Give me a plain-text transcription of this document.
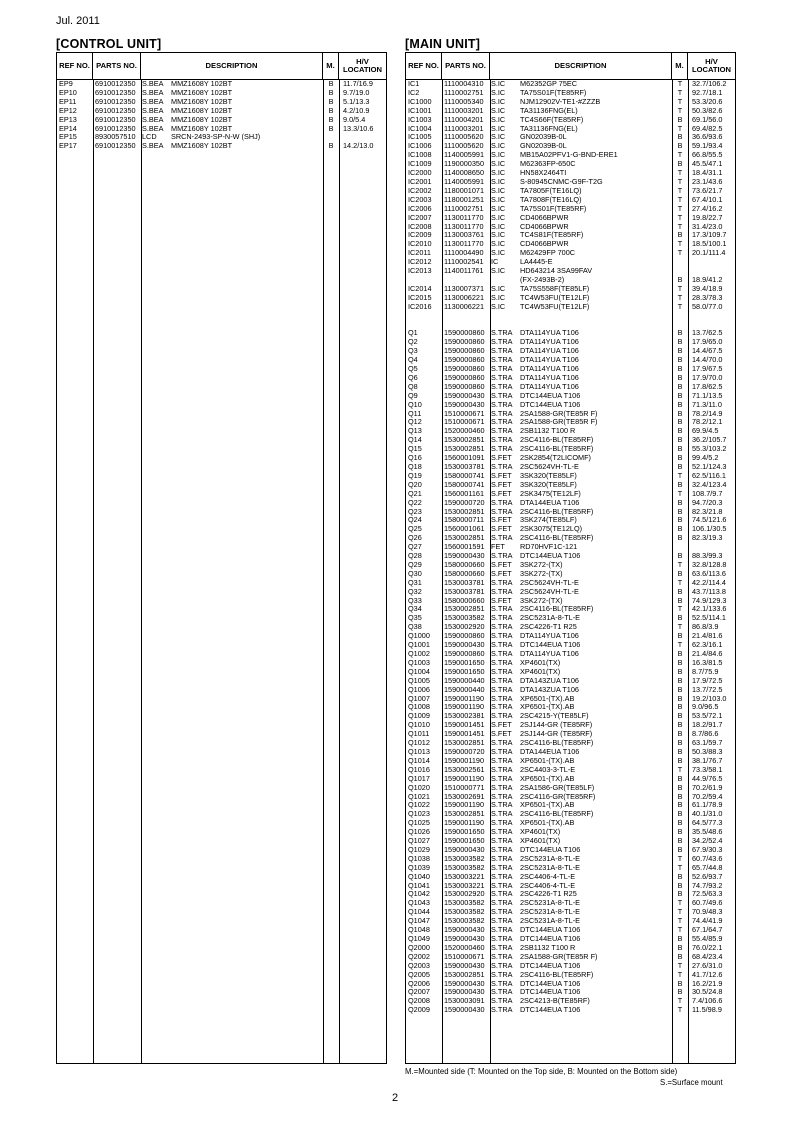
Jul. 2011
[CONTROL UNIT]	[MAIN UNIT]
REF NO. PARTS NO.	DESCRIPTION	M.	H/V LOCATION
EP9	6910012350 S.BEA	MMZ1608Y 102BT	B	11.7/16.9
EP10	6910012350 S.BEA	MMZ1608Y 102BT	B	9.7/19.0
EP11	6910012350 S.BEA	MMZ1608Y 102BT	B	5.1/13.3
EP12	6910012350 S.BEA	MMZ1608Y 102BT	B	4.2/10.9
EP13	6910012350 S.BEA	MMZ1608Y 102BT	B	9.0/5.4
EP14	6910012350 S.BEA	MMZ1608Y 102BT	B	13.3/10.6
EP15	8930057510 LCD	SRCN-2493-SP-N-W (SHJ)
EP17	6910012350 S.BEA	MMZ1608Y 102BT	B	14.2/13.0
REF NO. PARTS NO.	DESCRIPTION	M.	H/V LOCATION
IC1	1110004310	S.IC	M62352GP 75EC	T	32.7/106.2
IC2	1110002751	S.IC	TA75S01F(TE85RF)	T	92.7/18.1
IC1000	1110005340	S.IC	NJM12902V-TE1-#ZZZB	T	53.3/20.6
IC1001	1110003201	S.IC	TA31136FNG(EL)	T	50.3/82.6
IC1003	1110004201	S.IC	TC4S66F(TE85RF)	B	69.1/56.0
IC1004	1110003201	S.IC	TA31136FNG(EL)	T	69.4/82.5
IC1005	1110005620	S.IC	GN02039B-0L	B	36.6/93.6
IC1006	1110005620	S.IC	GN02039B-0L	B	59.1/93.4
IC1008	1140005991 S.IC	MB15A02PFV1-G-BND-ERE1	T	66.8/55.5
IC1009	1190000350 S.IC	M62363FP-650C	B	45.5/47.1
IC2000	1140008650 S.IC	HN58X2464TI	T	18.4/31.1
IC2001	1140005991 S.IC	S-80945CNMC-G9F-T2G	T	23.1/43.6
IC2002	1180001071 S.IC	TA7805F(TE16LQ)	T	73.6/21.7
IC2003	1180001251 S.IC	TA7808F(TE16LQ)	T	67.4/10.1
IC2006	1110002751	S.IC	TA75S01F(TE85RF)	T	27.4/16.2
IC2007	1130011770	S.IC	CD4066BPWR	T	19.8/22.7
IC2008	1130011770	S.IC	CD4066BPWR	T	31.4/23.0
IC2009	1130003761 S.IC	TC4S81F(TE85RF)	B	17.3/109.7
IC2010	1130011770	S.IC	CD4066BPWR	T	18.5/100.1
IC2011	1110004490	S.IC	M62429FP 700C	T	20.1/111.4
IC2012	1110002541	IC	LA4445-E
IC2013	1140011761	S.IC	HD643214 3SA99FAV
(FX-2493B-2)	B	18.9/41.2
IC2014	1130007371 S.IC	TA75S558F(TE85LF)	T	39.4/18.9
IC2015	1130006221 S.IC	TC4W53FU(TE12LF)	T	28.3/78.3
IC2016	1130006221 S.IC	TC4W53FU(TE12LF)	T	58.0/77.0
Q1	1590000860 S.TRA	DTA114YUA T106	B	13.7/62.5
Q2	1590000860 S.TRA	DTA114YUA T106	B	17.9/65.0
Q3	1590000860 S.TRA	DTA114YUA T106	B	14.4/67.5
Q4	1590000860 S.TRA	DTA114YUA T106	B	14.4/70.0
Q5	1590000860 S.TRA	DTA114YUA T106	B	17.9/67.5
Q6	1590000860 S.TRA	DTA114YUA T106	B	17.9/70.0
Q8	1590000860 S.TRA	DTA114YUA T106	B	17.8/62.5
Q9	1590000430 S.TRA	DTC144EUA T106	B	71.1/13.5
Q10	1590000430 S.TRA	DTC144EUA T106	B	71.3/11.0
Q11	1510000671 S.TRA	2SA1588-GR(TE85R F)	B	78.2/14.9
Q12	1510000671 S.TRA	2SA1588-GR(TE85R F)	B	78.2/12.1
Q13	1520000460 S.TRA	2SB1132 T100 R	B	69.9/4.5
Q14	1530002851 S.TRA	2SC4116-BL(TE85RF)	B	36.2/105.7
Q15	1530002851 S.TRA	2SC4116-BL(TE85RF)	B	55.3/103.2
Q16	1560001091 S.FET	2SK2854(T2LICOMF)	B	99.4/5.2
Q18	1530003781 S.TRA	2SC5624VH-TL-E	B	52.1/124.3
Q19	1580000741 S.FET	3SK320(TE85LF)	T	62.5/116.1
Q20	1580000741 S.FET	3SK320(TE85LF)	B	32.4/123.4
Q21	1560001161 S.FET	2SK3475(TE12LF)	T	108.7/9.7
Q22	1590000720 S.TRA	DTA144EUA T106	B	94.7/20.3
Q23	1530002851 S.TRA	2SC4116-BL(TE85RF)	B	82.3/21.8
Q24	1580000711 S.FET	3SK274(TE85LF)	B	74.5/121.6
Q25	1560001061 S.FET	2SK3075(TE12LQ)	B	106.1/30.5
Q26	1530002851 S.TRA	2SC4116-BL(TE85RF)	B	82.3/19.3
Q27	1560001591 FET	RD70HVF1C-121
Q28	1590000430 S.TRA	DTC144EUA T106	B	88.3/99.3
Q29	1580000660 S.FET	3SK272-(TX)	T	32.8/128.8
Q30	1580000660 S.FET	3SK272-(TX)	B	63.6/113.6
Q31	1530003781 S.TRA	2SC5624VH-TL-E	T	42.2/114.4
Q32	1530003781 S.TRA	2SC5624VH-TL-E	B	43.7/113.8
Q33	1580000660 S.FET	3SK272-(TX)	B	74.9/129.3
Q34	1530002851 S.TRA	2SC4116-BL(TE85RF)	T	42.1/133.6
Q35	1530003582 S.TRA	2SC5231A-8-TL-E	B	52.5/114.1
Q38	1530002920 S.TRA	2SC4226-T1 R25	T	86.8/3.9
Q1000	1590000860 S.TRA	DTA114YUA T106	B	21.4/81.6
Q1001	1590000430 S.TRA	DTC144EUA T106	T	62.3/16.1
Q1002	1590000860 S.TRA	DTA114YUA T106	B	21.4/84.6
Q1003	1590001650 S.TRA	XP4601(TX)	B	16.3/81.5
Q1004	1590001650 S.TRA	XP4601(TX)	B	8.7/75.9
Q1005	1590000440 S.TRA	DTA143ZUA T106	B	17.9/72.5
Q1006	1590000440 S.TRA	DTA143ZUA T106	B	13.7/72.5
Q1007	1590001190 S.TRA	XP6501-(TX).AB	B	19.2/103.0
Q1008	1590001190 S.TRA	XP6501-(TX).AB	B	9.0/96.5
Q1009	1530002381 S.TRA	2SC4215-Y(TE85LF)	B	53.5/72.1
Q1010	1590001451 S.FET	2SJ144-GR (TE85RF)	B	18.2/91.7
Q1011	1590001451 S.FET	2SJ144-GR (TE85RF)	B	8.7/86.6
Q1012	1530002851 S.TRA	2SC4116-BL(TE85RF)	B	63.1/59.7
Q1013	1590000720 S.TRA	DTA144EUA T106	B	50.3/88.3
Q1014	1590001190 S.TRA	XP6501-(TX).AB	B	38.1/76.7
Q1016	1530002561 S.TRA	2SC4403-3-TL-E	T	73.3/58.1
Q1017	1590001190 S.TRA	XP6501-(TX).AB	B	44.9/76.5
Q1020	1510000771 S.TRA	2SA1586-GR(TE85LF)	B	70.2/61.9
Q1021	1530002691 S.TRA	2SC4116-GR(TE85RF)	B	70.2/59.4
Q1022	1590001190 S.TRA	XP6501-(TX).AB	B	61.1/78.9
Q1023	1530002851 S.TRA	2SC4116-BL(TE85RF)	B	40.1/31.0
Q1025	1590001190 S.TRA	XP6501-(TX).AB	B	64.5/77.3
Q1026	1590001650 S.TRA	XP4601(TX)	B	35.5/48.6
Q1027	1590001650 S.TRA	XP4601(TX)	B	34.2/52.4
Q1029	1590000430 S.TRA	DTC144EUA T106	B	67.9/30.3
Q1038	1530003582 S.TRA	2SC5231A-8-TL-E	T	60.7/43.6
Q1039	1530003582 S.TRA	2SC5231A-8-TL-E	T	65.7/44.8
Q1040	1530003221 S.TRA	2SC4406-4-TL-E	B	52.6/93.7
Q1041	1530003221 S.TRA	2SC4406-4-TL-E	B	74.7/93.2
Q1042	1530002920 S.TRA	2SC4226-T1 R25	B	72.5/63.3
Q1043	1530003582 S.TRA	2SC5231A-8-TL-E	T	60.7/49.6
Q1044	1530003582 S.TRA	2SC5231A-8-TL-E	T	70.9/48.3
Q1047	1530003582 S.TRA	2SC5231A-8-TL-E	T	74.4/41.9
Q1048	1590000430 S.TRA	DTC144EUA T106	T	67.1/64.7
Q1049	1590000430 S.TRA	DTC144EUA T106	B	55.4/85.9
Q2000	1520000460 S.TRA	2SB1132 T100 R	B	76.0/22.1
Q2002	1510000671 S.TRA	2SA1588-GR(TE85R F)	B	68.4/23.4
Q2003	1590000430 S.TRA	DTC144EUA T106	T	27.6/31.0
Q2005	1530002851 S.TRA	2SC4116-BL(TE85RF)	T	41.7/12.6
Q2006	1590000430 S.TRA	DTC144EUA T106	B	16.2/21.9
Q2007	1590000430 S.TRA	DTC144EUA T106	B	30.5/24.8
Q2008	1530003091 S.TRA	2SC4213-B(TE85RF)	T	7.4/106.6
Q2009	1590000430 S.TRA	DTC144EUA T106	T	11.5/98.9
M.=Mounted side (T: Mounted on the Top side, B: Mounted on the Bottom side)
S.=Surface mount
2
